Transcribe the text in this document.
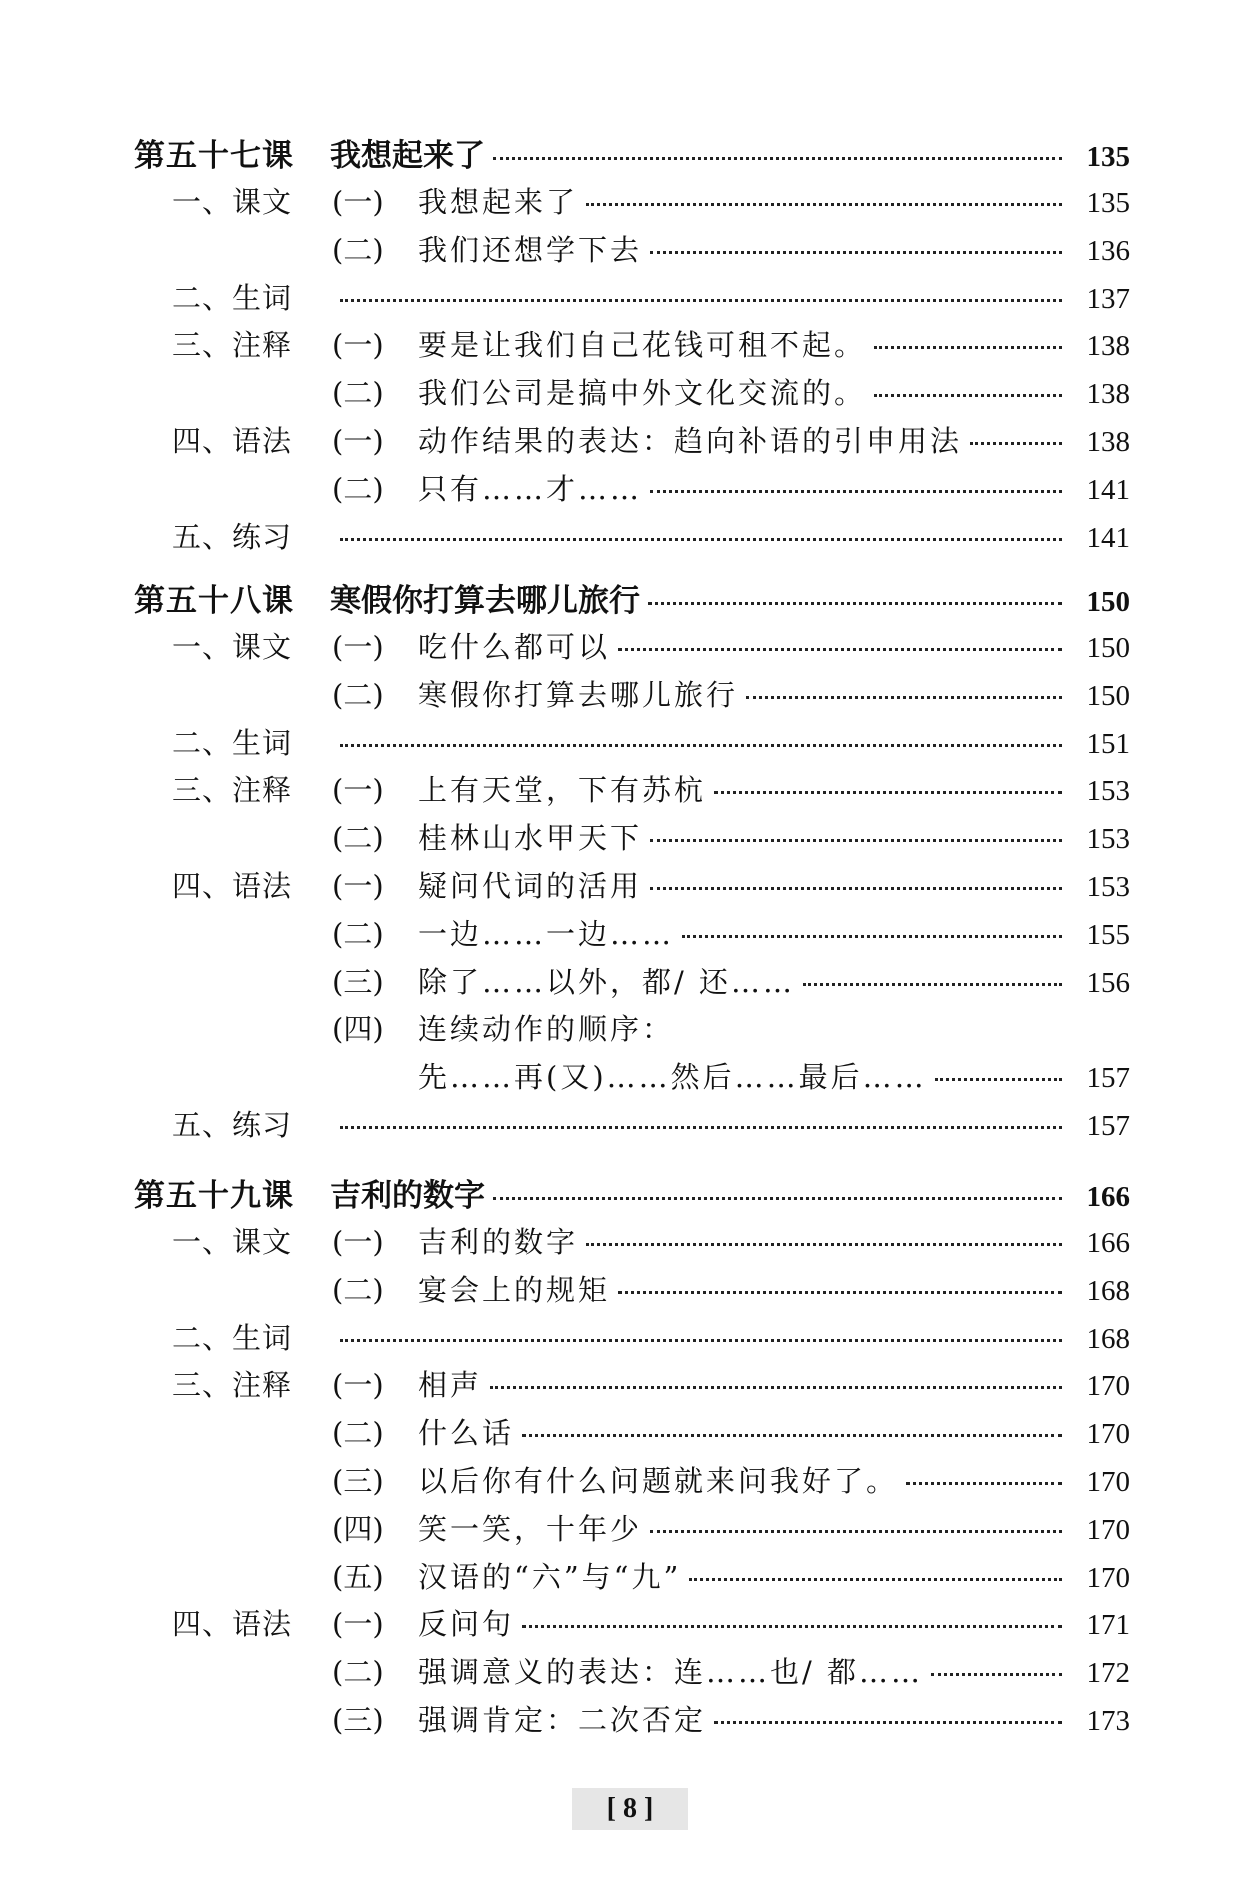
第五十七课	我想起来了	135
一、课文	(一)	我想起来了	135
(二)	我们还想学下去	136
二、生词	137
三、注释	(一)	要是让我们自己花钱可租不起。	138
(二)	我们公司是搞中外文化交流的。	138
四、语法	(一)	动作结果的表达：趋向补语的引申用法	138
(二)	只有……才……	141
五、练习	141
第五十八课	寒假你打算去哪儿旅行	150
一、课文	(一)	吃什么都可以	150
(二)	寒假你打算去哪儿旅行	150
二、生词	151
三、注释	(一)	上有天堂，下有苏杭	153
(二)	桂林山水甲天下	153
四、语法	(一)	疑问代词的活用	153
(二)	一边……一边……	155
(三)	除了……以外，都/ 还……	156
(四)	连续动作的顺序：
先……再(又)……然后……最后……	157
五、练习	157
第五十九课	吉利的数字	166
一、课文	(一)	吉利的数字	166
(二)	宴会上的规矩	168
二、生词	168
三、注释	(一)	相声	170
(二)	什么话	170
(三)	以后你有什么问题就来问我好了。	170
(四)	笑一笑，十年少	170
(五)	汉语的“六”与“九”	170
四、语法	(一)	反问句	171
(二)	强调意义的表达：连……也/ 都……	172
(三)	强调肯定：二次否定	173
[ 8 ]
